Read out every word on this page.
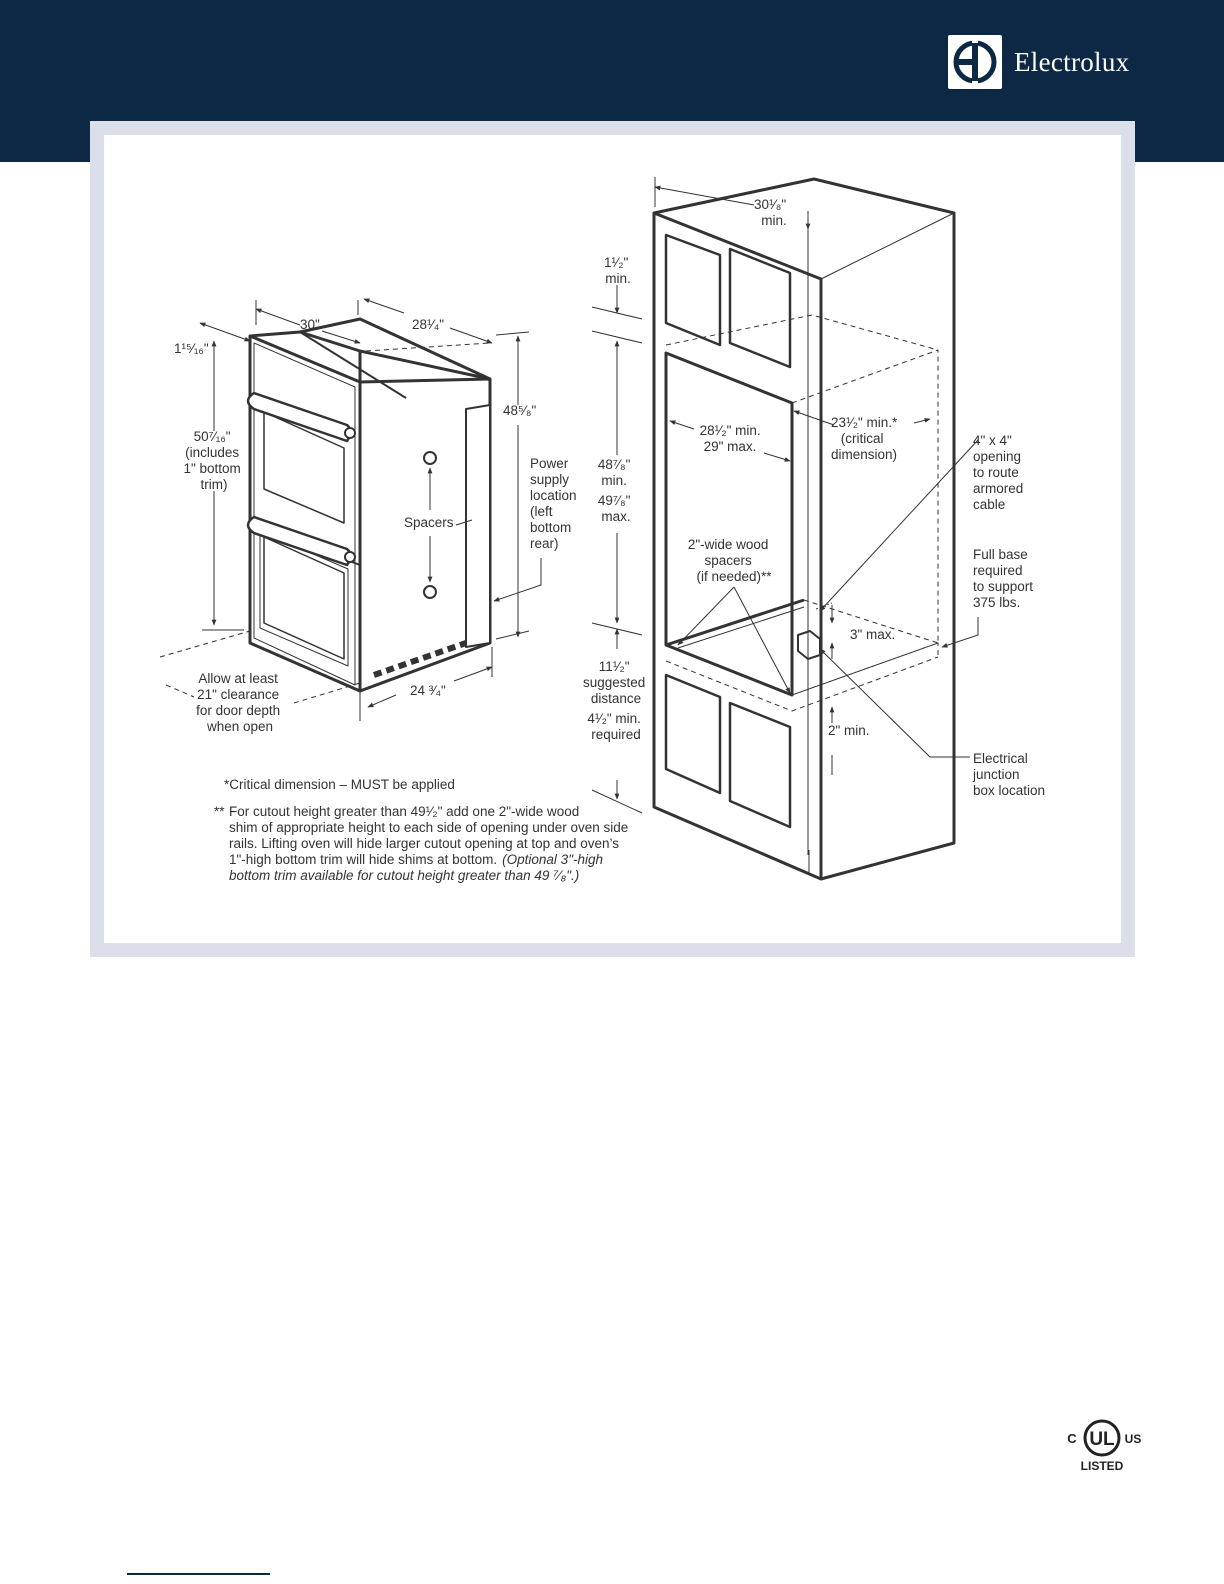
Electrolux
1¹⁵⁄₁₆"
30"	28¹⁄₄"
48⁵⁄₈"
50⁷⁄₁₆" (includes 1" bottom trim)
Spacers
Power supply location (left bottom rear)
Allow at least 21" clearance for door depth when open
24 ³⁄₄"
30¹⁄₈" min.
1¹⁄₂" min.
48⁷⁄₈" min. 49⁷⁄₈" max.
28¹⁄₂" min. 29" max.
23¹⁄₂" min.* (critical dimension)
4" x 4" opening to route armored cable
2"-wide wood spacers (if needed)**
Full base required to support 375 lbs.
3" max.
11¹⁄₂" suggested distance
4¹⁄₂" min. required	2" min.
Electrical junction box location
*Critical dimension – MUST be applied
** For cutout height greater than 49¹⁄₂" add one 2"-wide wood
shim of appropriate height to each side of opening under oven side
rails. Lifting oven will hide larger cutout opening at top and oven’s
1"-high bottom trim will hide shims at bottom. (Optional 3"-high
bottom trim available for cutout height greater than 49 ⁷⁄₈".)
UL
C	US
LISTED
